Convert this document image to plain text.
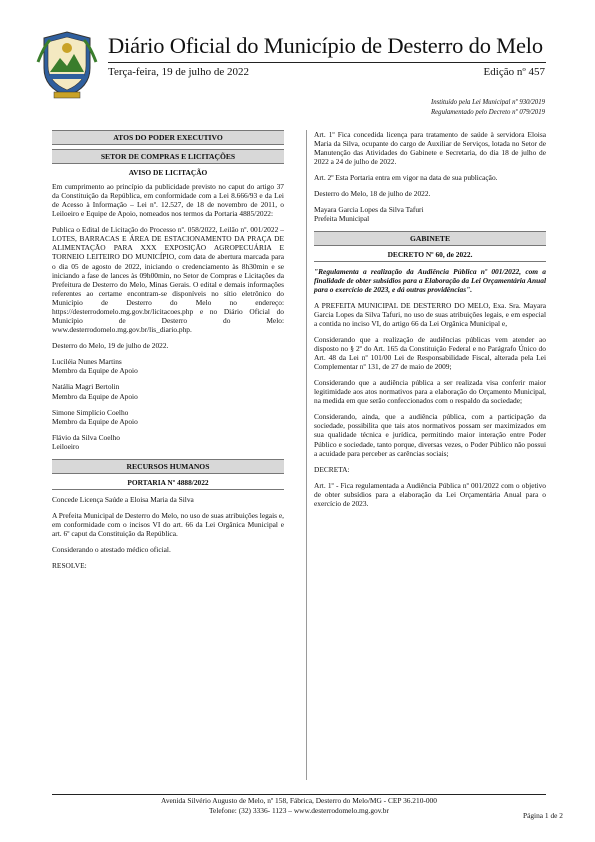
Diário Oficial do Município de Desterro do Melo
Terça-feira, 19 de julho de 2022	Edição nº 457
Instituído pela Lei Municipal nº 930/2019
Regulamentado pelo Decreto nº 079/2019
ATOS DO PODER EXECUTIVO
SETOR DE COMPRAS E LICITAÇÕES
AVISO DE LICITAÇÃO

Em cumprimento ao princípio da publicidade previsto no caput do artigo 37 da Constituição da República, em conformidade com a Lei 8.666/93 e da Lei de Acesso à Informação – Lei nº. 12.527, de 18 de novembro de 2011, o Leiloeiro e Equipe de Apoio, nomeados nos termos da Portaria 4885/2022:

Publica o Edital de Licitação do Processo nº. 058/2022, Leilão nº. 001/2022 – LOTES, BARRACAS E ÁREA DE ESTACIONAMENTO DA PRAÇA DE ALIMENTAÇÃO PARA XXX EXPOSIÇÃO AGROPECUÁRIA E TORNEIO LEITEIRO DO MUNICÍPIO, com data de abertura marcada para o dia 05 de agosto de 2022, iniciando o credenciamento às 8h30min e se iniciando a fase de lances às 09h00min, no Setor de Compras e Licitações da Prefeitura de Desterro do Melo, Minas Gerais. O edital e demais informações referentes ao certame encontram-se disponíveis no sítio eletrônico do Município de Desterro do Melo no endereço: https://desterrodomelo.mg.gov.br/licitacoes.php e no Diário Oficial do Município de Desterro do Melo: www.desterrodomelo.mg.gov.br/lis_diario.php.

Desterro do Melo, 19 de julho de 2022.

Luciléia Nunes Martins
Membro da Equipe de Apoio
Natália Magri Bertolin
Membro da Equipe de Apoio
Simone Simplício Coelho
Membro da Equipe de Apoio
Flávio da Silva Coelho
Leiloeiro
RECURSOS HUMANOS
PORTARIA Nº 4888/2022

Concede Licença Saúde a Eloisa Maria da Silva

A Prefeita Municipal de Desterro do Melo, no uso de suas atribuições legais e, em conformidade com o incisos VI do art. 66 da Lei Orgânica Municipal e art. 6º caput da Constituição da República.

Considerando o atestado médico oficial.

RESOLVE:

Art. 1º Fica concedida licença para tratamento de saúde à servidora Eloisa Maria da Silva, ocupante do cargo de Auxiliar de Serviços, lotada no Setor de Manutenção das Atividades do Gabinete e Secretaria, do dia 18 de julho de 2022 a 24 de julho de 2022.

Art. 2º Esta Portaria entra em vigor na data de sua publicação.

Desterro do Melo, 18 de julho de 2022.

Mayara Garcia Lopes da Silva Tafuri
Prefeita Municipal
GABINETE
DECRETO Nº 60, de 2022.

"Regulamenta a realização da Audiência Pública nº 001/2022, com a finalidade de obter subsídios para a Elaboração da Lei Orçamentária Anual para o exercício de 2023, e dá outras providências".

A PREFEITA MUNICIPAL DE DESTERRO DO MELO, Exa. Sra. Mayara Garcia Lopes da Silva Tafuri, no uso de suas atribuições legais, e em especial a contida no inciso VI, do artigo 66 da Lei Orgânica Municipal e,

Considerando que a realização de audiências públicas vem atender ao disposto no § 2º do Art. 165 da Constituição Federal e no Parágrafo Único do Art. 48 da Lei nº 101/00 Lei de Responsabilidade Fiscal, alterada pela Lei Complementar nº 131, de 27 de maio de 2009;

Considerando que a audiência pública a ser realizada visa conferir maior legitimidade aos atos normativos para a elaboração do Orçamento Municipal, na medida em que serão confeccionados com o respaldo da sociedade;

Considerando, ainda, que a audiência pública, com a participação da sociedade, possibilita que tais atos normativos possam ser maximizados em sua qualidade técnica e jurídica, permitindo maior interação entre Poder Público e sociedade, tanto porque, diversas vezes, o Poder Público não possui a acuidade para perceber as carências sociais;

DECRETA:

Art. 1º - Fica regulamentada a Audiência Pública nº 001/2022 com o objetivo de obter subsídios para a elaboração da Lei Orçamentária Anual para o exercício de 2023.

Avenida Silvério Augusto de Melo, nº 158, Fábrica, Desterro do Melo/MG - CEP 36.210-000
Telefone: (32) 3336- 1123 – www.desterrodomelo.mg.gov.br
Página 1 de 2
